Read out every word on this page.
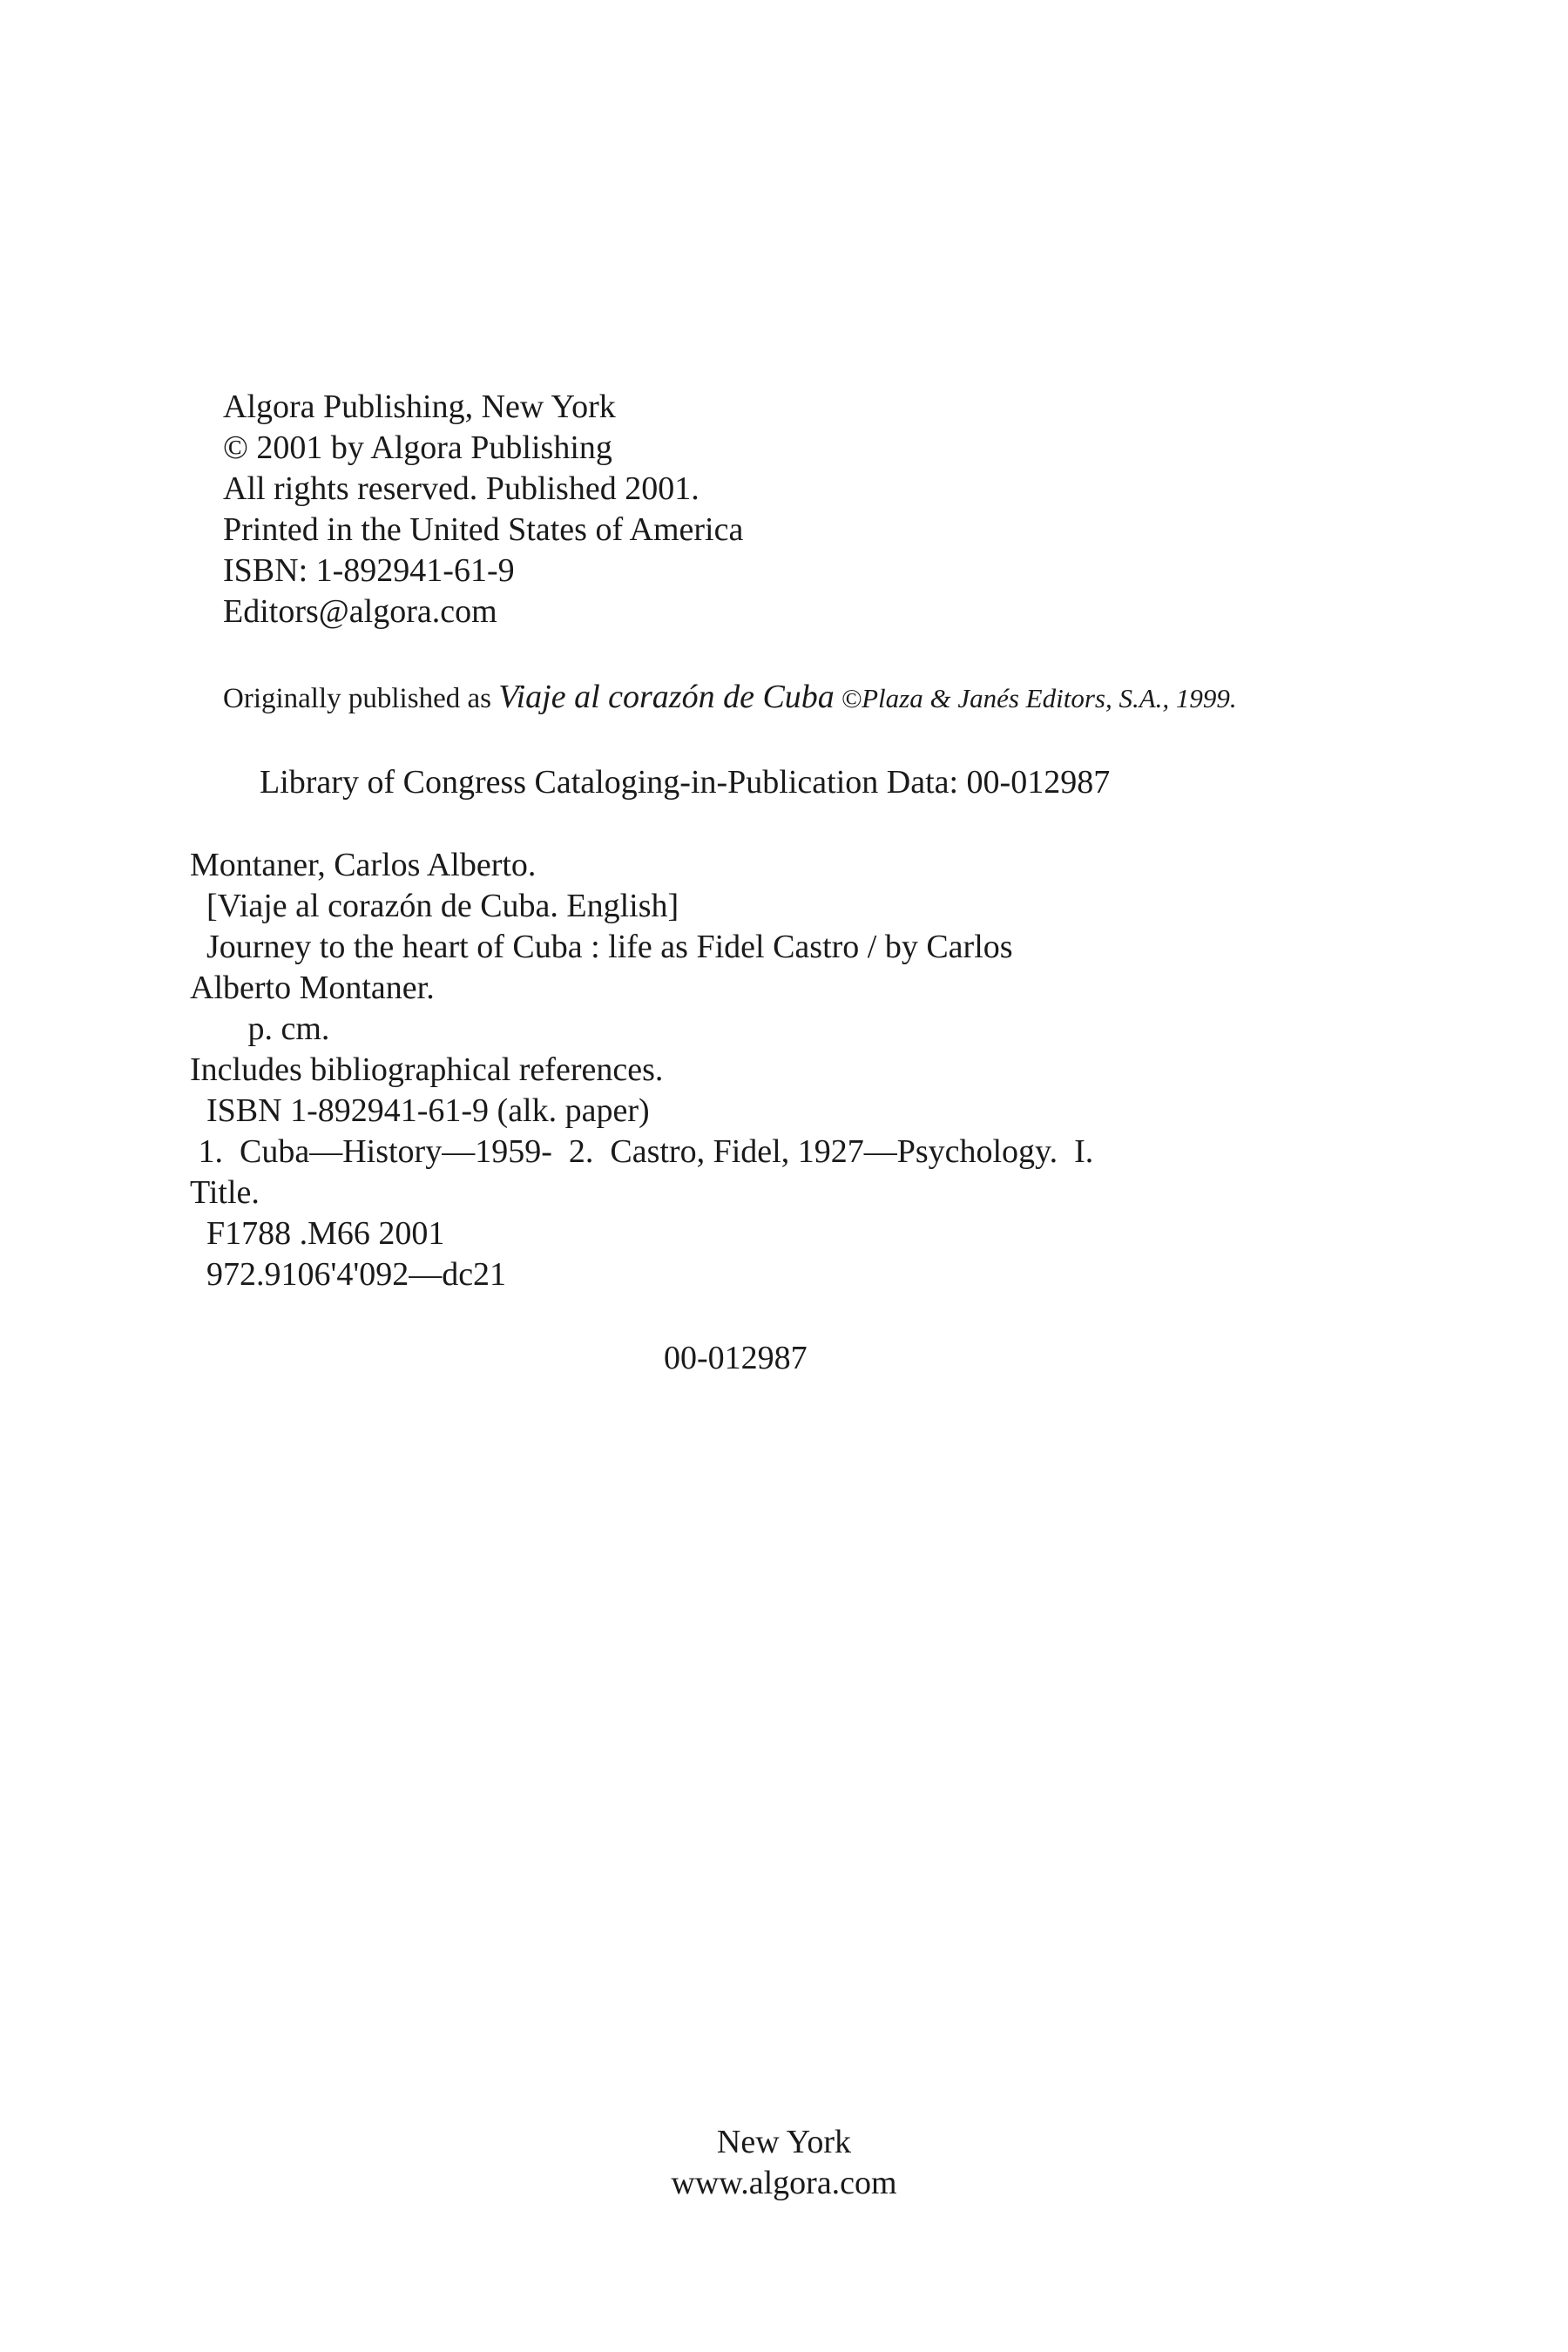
Algora Publishing, New York
© 2001 by Algora Publishing
All rights reserved. Published 2001.
Printed in the United States of America
ISBN: 1-892941-61-9
Editors@algora.com
Originally published as Viaje al corazón de Cuba ©Plaza & Janés Editors, S.A., 1999.
Library of Congress Cataloging-in-Publication Data: 00-012987
Montaner, Carlos Alberto.
[Viaje al corazón de Cuba. English]
Journey to the heart of Cuba : life as Fidel Castro / by Carlos
Alberto Montaner.
p. cm.
Includes bibliographical references.
ISBN 1-892941-61-9 (alk. paper)
1.  Cuba—History—1959-  2.  Castro, Fidel, 1927—Psychology.  I.
Title.
F1788 .M66 2001
972.9106'4'092—dc21
00-012987
New York
www.algora.com
